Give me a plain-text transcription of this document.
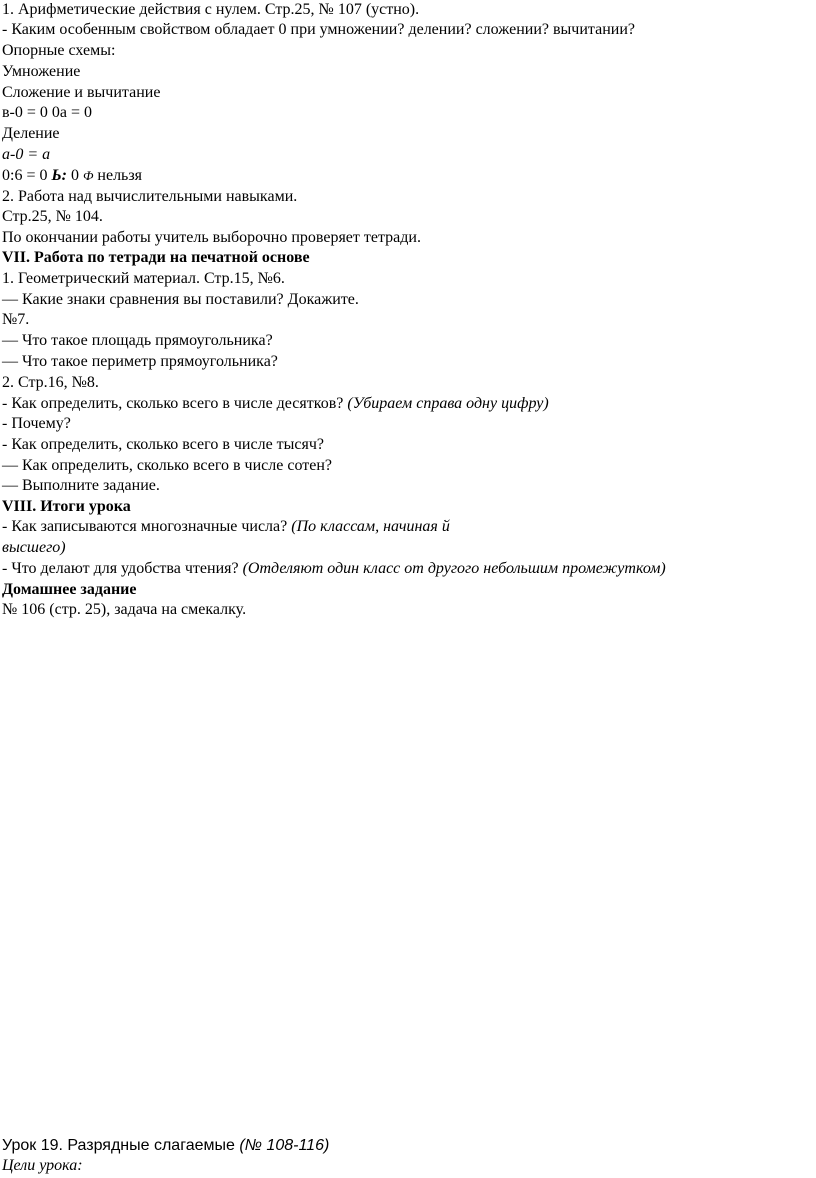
1. Арифметические действия с нулем. Стр.25, № 107 (устно).
- Каким особенным свойством обладает 0 при умножении? делении? сложении? вычитании?
Опорные схемы:
Умножение
Сложение и вычитание
в-0 = 0 0а = 0
Деление
а-0 = а
0:6 = 0 Ь: 0 Ф нельзя
2. Работа над вычислительными навыками.
Стр.25, № 104.
По окончании работы учитель выборочно проверяет тетради.
VII. Работа по тетради на печатной основе
1. Геометрический материал. Стр.15, №6.
— Какие знаки сравнения вы поставили? Докажите.
№7.
— Что такое площадь прямоугольника?
— Что такое периметр прямоугольника?
2. Стр.16, №8.
- Как определить, сколько всего в числе десятков? (Убираем справа одну цифру)
- Почему?
- Как определить, сколько всего в числе тысяч?
— Как определить, сколько всего в числе сотен?
— Выполните задание.
VIII. Итоги урока
- Как записываются многозначные числа? (По классам, начиная й
высшего)
- Что делают для удобства чтения? (Отделяют один класс от другого небольшим промежутком)
Домашнее задание
№ 106 (стр. 25), задача на смекалку.
Урок 19. Разрядные слагаемые (№ 108-116)
Цели урока:
